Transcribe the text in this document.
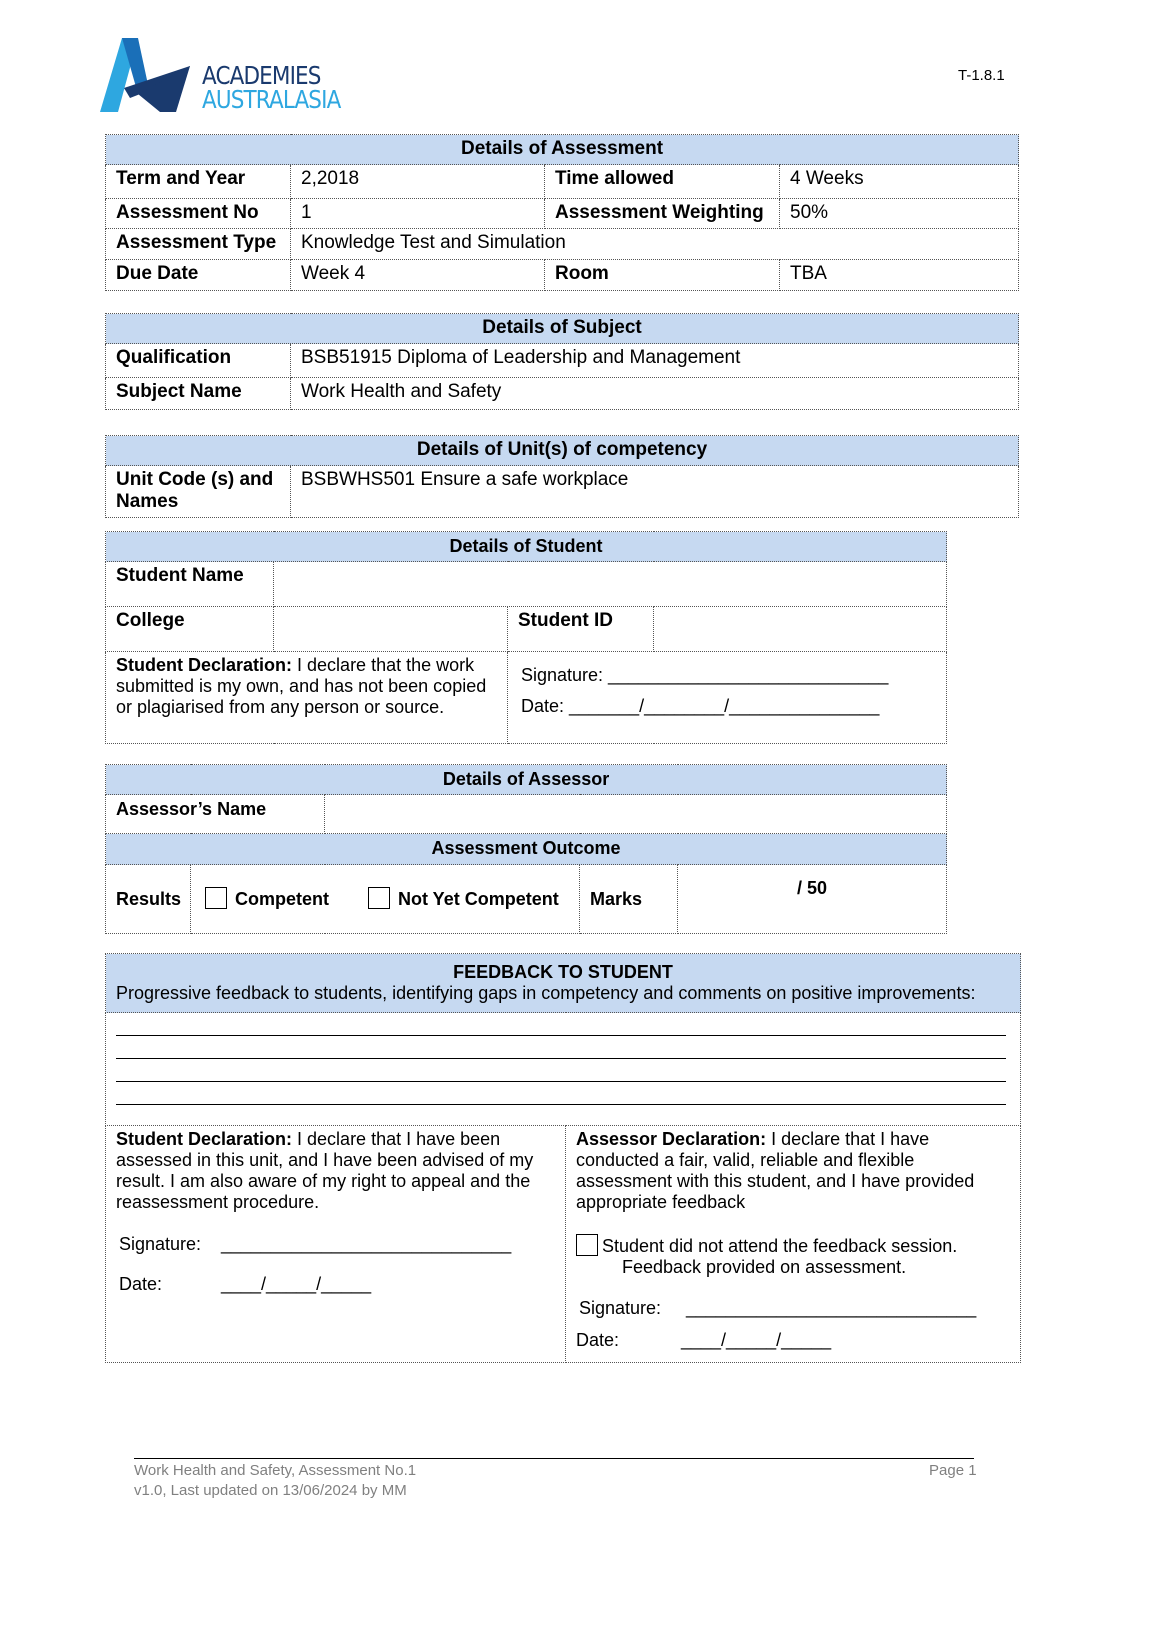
ACADEMIES
AUSTRALASIA
T-1.8.1
Details of Assessment			
Term and Year	2,2018	Time allowed	4 Weeks
Assessment No	1	Assessment Weighting	50%
Assessment Type	Knowledge Test and Simulation		
Due Date	Week 4	Room	TBA
Details of Subject	
Qualification	BSB51915 Diploma of Leadership and Management
Subject Name	Work Health and Safety
Details of Unit(s) of competency
Unit Code (s) and Names	BSBWHS501 Ensure a safe workplace
Details of Student			
Student Name			
College		Student ID	
Student Declaration: I declare that the work submitted is my own, and has not been copied or plagiarised from any person or source.		Signature: ____________________________
Date: _______/________/_______________	
Details of Assessor				
Assessor’s Name				
Assessment Outcome				
Results	Competent Not Yet Competent		Marks	/ 50
FEEDBACK TO STUDENT
Progressive feedback to students, identifying gaps in competency and comments on positive improvements:

Student Declaration: I declare that I have been assessed in this unit, and I have been advised of my result. I am also aware of my right to appeal and the reassessment procedure.
Signature: _____________________________
Date:	____/_____/_____

Assessor Declaration: I declare that I have conducted a fair, valid, reliable and flexible assessment with this student, and I have provided appropriate feedback
Student did not attend the feedback session.
Feedback provided on assessment.
Signature: _____________________________
Date:	____/_____/_____
Work Health and Safety, Assessment No.1
v1.0, Last updated on 13/06/2024 by MM
Page 1
